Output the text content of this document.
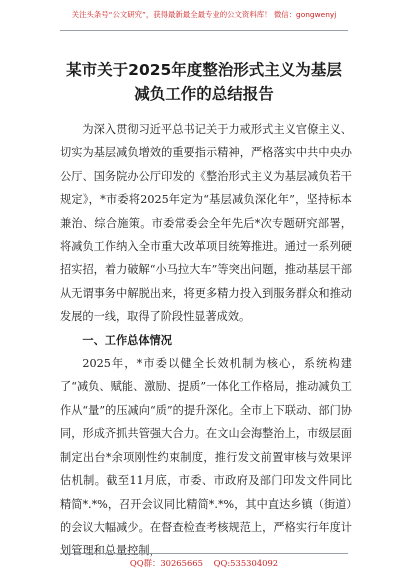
关注头条号“公文研究”，获得最新最全最专业的公文资料库！ 微信：gongwenyj
某市关于2025年度整治形式主义为基层
减负工作的总结报告

为深入贯彻习近平总书记关于力戒形式主义官僚主义、切实为基层减负增效的重要指示精神，严格落实中共中央办公厅、国务院办公厅印发的《整治形式主义为基层减负若干规定》，*市委将2025年定为“基层减负深化年”，坚持标本兼治、综合施策。市委常委会全年先后*次专题研究部署，将减负工作纳入全市重大改革项目统筹推进。通过一系列硬招实招，着力破解“小马拉大车”等突出问题，推动基层干部从无谓事务中解脱出来，将更多精力投入到服务群众和推动发展的一线，取得了阶段性显著成效。

一、工作总体情况

2025年，*市委以健全长效机制为核心，系统构建了“减负、赋能、激励、提质”一体化工作格局，推动减负工作从“量”的压减向“质”的提升深化。全市上下联动、部门协同，形成齐抓共管强大合力。在文山会海整治上，市级层面制定出台*余项刚性约束制度，推行发文前置审核与效果评估机制。截至11月底，市委、市政府及部门印发文件同比精简*.*%，召开会议同比精简*.*%，其中直达乡镇（街道）的会议大幅减少。在督查检查考核规范上，严格实行年度计划管理和总量控制，

QQ群：30265665 QQ:535304092
